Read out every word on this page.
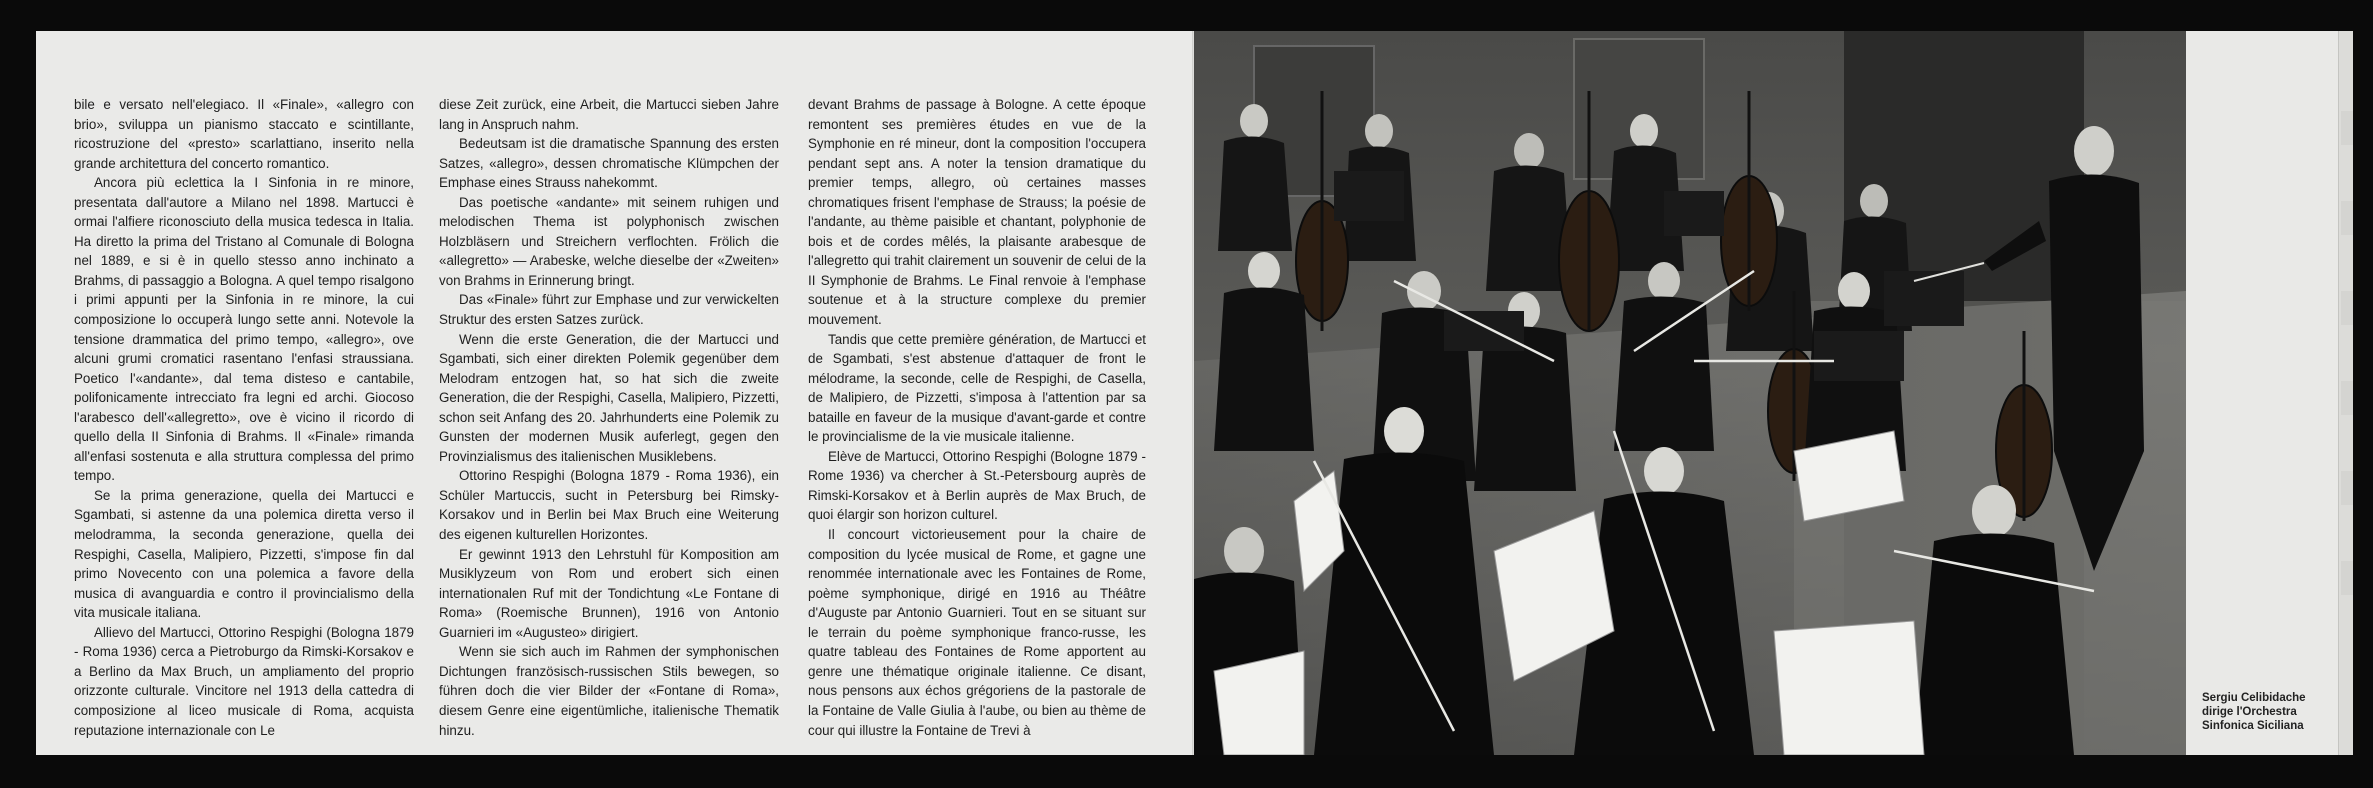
bile e versato nell'elegiaco. Il «Finale», «allegro con brio», sviluppa un pianismo staccato e scintillante, ricostruzione del «presto» scarlattiano, inserito nella grande architettura del concerto romantico.

Ancora più eclettica la I Sinfonia in re minore, presentata dall'autore a Milano nel 1898. Martucci è ormai l'alfiere riconosciuto della musica tedesca in Italia. Ha diretto la prima del Tristano al Comunale di Bologna nel 1889, e si è in quello stesso anno inchinato a Brahms, di passaggio a Bologna. A quel tempo risalgono i primi appunti per la Sinfonia in re minore, la cui composizione lo occuperà lungo sette anni. Notevole la tensione drammatica del primo tempo, «allegro», ove alcuni grumi cromatici rasentano l'enfasi straussiana. Poetico l'«andante», dal tema disteso e cantabile, polifonicamente intrecciato fra legni ed archi. Giocoso l'arabesco dell'«allegretto», ove è vicino il ricordo di quello della II Sinfonia di Brahms. Il «Finale» rimanda all'enfasi sostenuta e alla struttura complessa del primo tempo.

Se la prima generazione, quella dei Martucci e Sgambati, si astenne da una polemica diretta verso il melodramma, la seconda generazione, quella dei Respighi, Casella, Malipiero, Pizzetti, s'impose fin dal primo Novecento con una polemica a favore della musica di avanguardia e contro il provincialismo della vita musicale italiana.

Allievo del Martucci, Ottorino Respighi (Bologna 1879 - Roma 1936) cerca a Pietroburgo da Rimski-Korsakov e a Berlino da Max Bruch, un ampliamento del proprio orizzonte culturale. Vincitore nel 1913 della cattedra di composizione al liceo musicale di Roma, acquista reputazione internazionale con Le

diese Zeit zurück, eine Arbeit, die Martucci sieben Jahre lang in Anspruch nahm.

Bedeutsam ist die dramatische Spannung des ersten Satzes, «allegro», dessen chromatische Klümpchen der Emphase eines Strauss nahekommt.

Das poetische «andante» mit seinem ruhigen und melodischen Thema ist polyphonisch zwischen Holzbläsern und Streichern verflochten. Frölich die «allegretto» — Arabeske, welche dieselbe der «Zweiten» von Brahms in Erinnerung bringt.

Das «Finale» führt zur Emphase und zur verwickelten Struktur des ersten Satzes zurück.

Wenn die erste Generation, die der Martucci und Sgambati, sich einer direkten Polemik gegenüber dem Melodram entzogen hat, so hat sich die zweite Generation, die der Respighi, Casella, Malipiero, Pizzetti, schon seit Anfang des 20. Jahrhunderts eine Polemik zu Gunsten der modernen Musik auferlegt, gegen den Provinzialismus des italienischen Musiklebens.

Ottorino Respighi (Bologna 1879 - Roma 1936), ein Schüler Martuccis, sucht in Petersburg bei Rimsky-Korsakov und in Berlin bei Max Bruch eine Weiterung des eigenen kulturellen Horizontes.

Er gewinnt 1913 den Lehrstuhl für Komposition am Musiklyzeum von Rom und erobert sich einen internationalen Ruf mit der Tondichtung «Le Fontane di Roma» (Roemische Brunnen), 1916 von Antonio Guarnieri im «Augusteo» dirigiert.

Wenn sie sich auch im Rahmen der symphonischen Dichtungen französisch-russischen Stils bewegen, so führen doch die vier Bilder der «Fontane di Roma», diesem Genre eine eigentümliche, italienische Thematik hinzu.

devant Brahms de passage à Bologne. A cette époque remontent ses premières études en vue de la Symphonie en ré mineur, dont la composition l'occupera pendant sept ans. A noter la tension dramatique du premier temps, allegro, où certaines masses chromatiques frisent l'emphase de Strauss; la poésie de l'andante, au thème paisible et chantant, polyphonie de bois et de cordes mêlés, la plaisante arabesque de l'allegretto qui trahit clairement un souvenir de celui de la II Symphonie de Brahms. Le Final renvoie à l'emphase soutenue et à la structure complexe du premier mouvement.

Tandis que cette première génération, de Martucci et de Sgambati, s'est abstenue d'attaquer de front le mélodrame, la seconde, celle de Respighi, de Casella, de Malipiero, de Pizzetti, s'imposa à l'attention par sa bataille en faveur de la musique d'avant-garde et contre le provincialisme de la vie musicale italienne.

Elève de Martucci, Ottorino Respighi (Bologne 1879 - Rome 1936) va chercher à St.-Petersbourg auprès de Rimski-Korsakov et à Berlin auprès de Max Bruch, de quoi élargir son horizon culturel.

Il concourt victorieusement pour la chaire de composition du lycée musical de Rome, et gagne une renommée internationale avec les Fontaines de Rome, poème symphonique, dirigé en 1916 au Théâtre d'Auguste par Antonio Guarnieri. Tout en se situant sur le terrain du poème symphonique franco-russe, les quatre tableau des Fontaines de Rome apportent au genre une thématique originale italienne. Ce disant, nous pensons aux échos grégoriens de la pastorale de la Fontaine de Valle Giulia à l'aube, ou bien au thème de cour qui illustre la Fontaine de Trevi à

Sergiu Celibidache
dirige l'Orchestra
Sinfonica Siciliana
